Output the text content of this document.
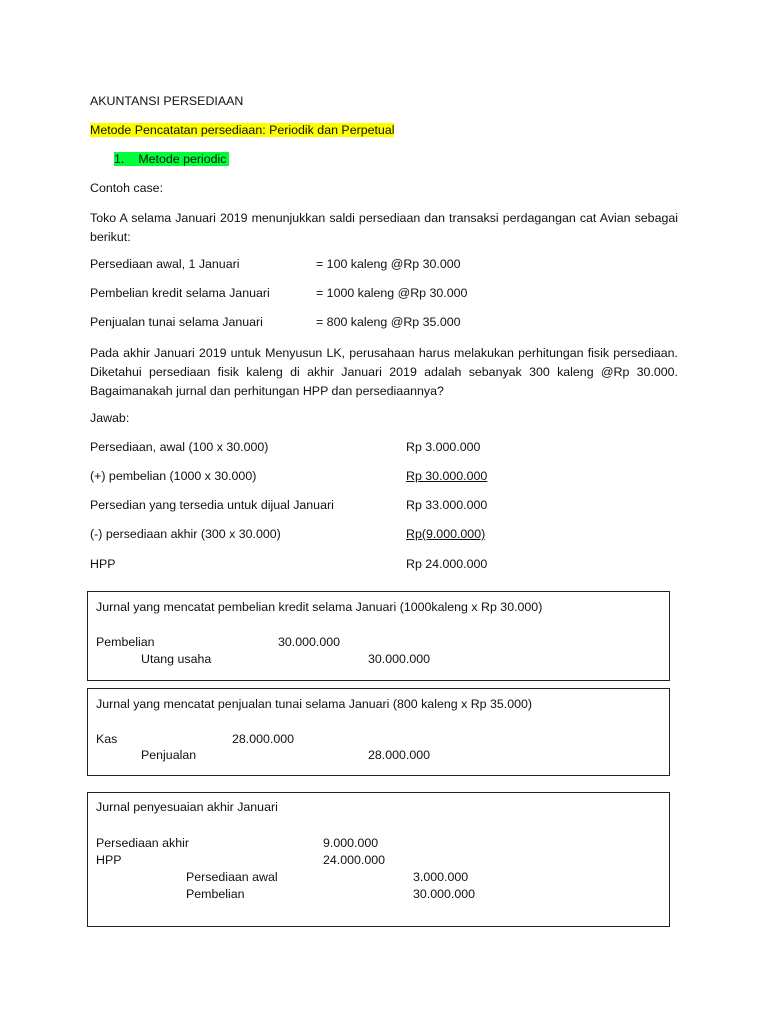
AKUNTANSI PERSEDIAAN
Metode Pencatatan persediaan: Periodik dan Perpetual
1. Metode periodic
Contoh case:
Toko A selama Januari 2019 menunjukkan saldi persediaan dan transaksi perdagangan cat Avian sebagai berikut:
Persediaan awal, 1 Januari	= 100 kaleng @Rp 30.000
Pembelian kredit selama Januari	= 1000 kaleng @Rp 30.000
Penjualan tunai selama Januari	= 800 kaleng @Rp 35.000
Pada akhir Januari 2019 untuk Menyusun LK, perusahaan harus melakukan perhitungan fisik persediaan. Diketahui persediaan fisik kaleng di akhir Januari 2019 adalah sebanyak 300 kaleng @Rp 30.000. Bagaimanakah jurnal dan perhitungan HPP dan persediaannya?
Jawab:
Persediaan, awal (100 x 30.000)	Rp 3.000.000
(+) pembelian (1000 x 30.000)	Rp 30.000.000
Persedian yang tersedia untuk dijual Januari	Rp 33.000.000
(-) persediaan akhir (300 x 30.000)	Rp(9.000.000)
HPP	Rp 24.000.000
Jurnal yang mencatat pembelian kredit selama Januari (1000kaleng x Rp 30.000)
Pembelian	30.000.000
Utang usaha	30.000.000
Jurnal yang mencatat penjualan tunai selama Januari (800 kaleng x Rp 35.000)
Kas	28.000.000
Penjualan	28.000.000
Jurnal penyesuaian akhir Januari
Persediaan akhir	9.000.000
HPP	24.000.000
Persediaan awal	3.000.000
Pembelian	30.000.000
